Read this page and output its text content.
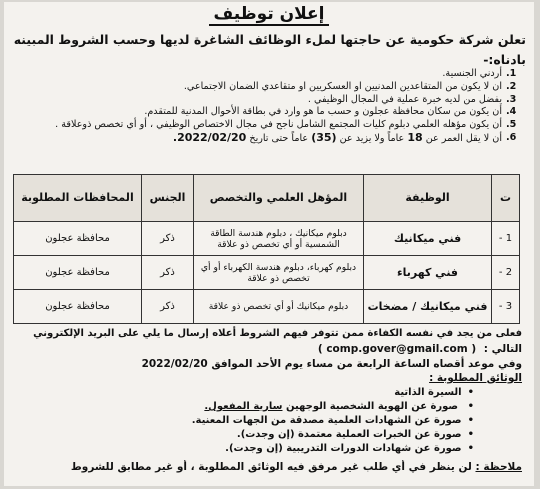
إعلان توظيف
تعلن شركة حكومية عن حاجتها لملء الوظائف الشاغرة لديها وحسب الشروط المبينه بادناه:-
.1
أردني الجنسية.
.2
ان لا يكون من المتقاعدين المدنيين او العسكريين او متقاعدي الضمان الاجتماعي.
.3
يفضل من لديه خبرة عملية في المجال الوظيفي .
.4
أن يكون من سكان محافظة عجلون و حسب ما هو وارد في بطاقة الأحوال المدنية للمتقدم.
.5
أن يكون مؤهله العلمي دبلوم كليات المجتمع الشامل ناجح في مجال الاختصاص الوظيفي ، أو أي تخصص ذوعلاقة .
.6
أن لا يقل العمر عن 18 عاماً ولا يزيد عن (35) عاماً حتى تاريخ 2022/02/20.
ت	الوظيفة	المؤهل العلمي والتخصص	الجنس	المحافظات المطلوبة
1 -	فني ميكانيك	دبلوم ميكانيك ، دبلوم هندسة الطاقة الشمسية أو أي تخصص ذو علاقة	ذكر	محافظة عجلون
2 -	فني كهرباء	دبلوم كهرباء، دبلوم هندسة الكهرباء أو أي تخصص ذو علاقة	ذكر	محافظة عجلون
3 -	فني ميكانيك / مضخات	دبلوم ميكانيك أو أي تخصص ذو علاقة	ذكر	محافظة عجلون
فعلى من يجد في نفسه الكفاءة ممن تتوفر فيهم الشروط أعلاه إرسال ما يلي على البريد الإلكتروني
التالي : ( comp.gover@gmail.com )
وفي موعد أقصاه الساعة الرابعة من مساء يوم الأحد الموافق 2022/02/20
الوثائق المطلوبة :
• السيرة الذاتية
• صورة عن الهوية الشخصية الوجهين سارية المفعول.
• صورة عن الشهادات العلمية مصدقة من الجهات المعنية.
• صورة عن الخبرات العملية معتمدة (إن وجدت).
• صورة عن شهادات الدورات التدريبية (إن وجدت).
ملاحظة : لن ينظر في أي طلب غير مرفق فيه الوثائق المطلوبة ، أو غير مطابق للشروط
